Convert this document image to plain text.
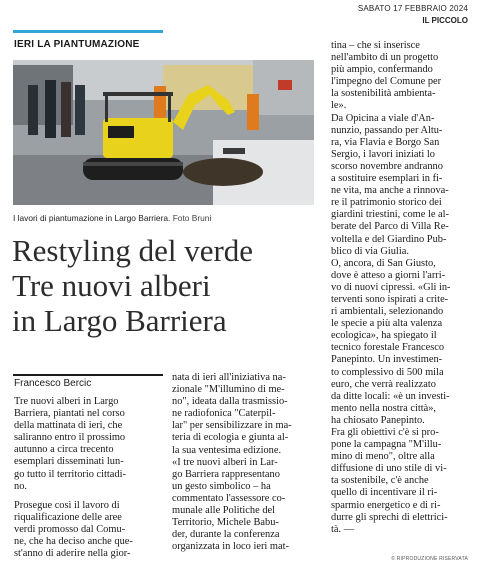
SABATO 17 FEBBRAIO 2024
IL PICCOLO
IERI LA PIANTUMAZIONE
I lavori di piantumazione in Largo Barriera. Foto Bruni
Restyling del verde
Tre nuovi alberi
in Largo Barriera
Francesco Bercic
Tre nuovi alberi in Largo
Barriera, piantati nel corso
della mattinata di ieri, che
saliranno entro il prossimo
autunno a circa trecento
esemplari disseminati lun-
go tutto il territorio cittadi-
no.
Proseguе così il lavoro di
riqualificazione delle aree
verdi promosso dal Comu-
ne, che ha deciso anche que-
st'anno di aderire nella gior-
nata di ieri all'iniziativa na-
zionale "M'illumino di me-
no", ideata dalla trasmissio-
ne radiofonica "Caterpil-
lar" per sensibilizzare in ma-
teria di ecologia e giunta al-
la sua ventesima edizione.
«I tre nuovi alberi in Lar-
go Barriera rappresentano
un gesto simbolico – ha
commentato l'assessore co-
munale alle Politiche del
Territorio, Michele Babu-
der, durante la conferenza
organizzata in loco ieri mat-
tina – che si inserisce
nell'ambito di un progetto
più ampio, confermando
l'impegno del Comune per
la sostenibilità ambienta-
le».
Da Opicina a viale d'An-
nunzio, passando per Altu-
ra, via Flavia e Borgo San
Sergio, i lavori iniziati lo
scorso novembre andranno
a sostituire esemplari in fi-
ne vita, ma anche a rinnova-
re il patrimonio storico dei
giardini triestini, come le al-
berate del Parco di Villa Re-
voltella e del Giardino Pub-
blico di via Giulia.
O, ancora, di San Giusto,
dove è atteso a giorni l'arri-
vo di nuovi cipressi. «Gli in-
terventi sono ispirati a crite-
ri ambientali, selezionando
le specie a più alta valenza
ecologica», ha spiegato il
tecnico forestale Francesco
Panepinto. Un investimen-
to complessivo di 500 mila
euro, che verrà realizzato
da ditte locali: «è un investi-
mento nella nostra città»,
ha chiosato Panepinto.
Fra gli obiettivi c'è si pro-
pone la campagna "M'illu-
mino di meno", oltre alla
diffusione di uno stile di vi-
ta sostenibile, c'è anche
quello di incentivare il ri-
sparmio energetico e di ri-
durre gli sprechi di elettrici-
tà. —
© RIPRODUZIONE RISERVATA
